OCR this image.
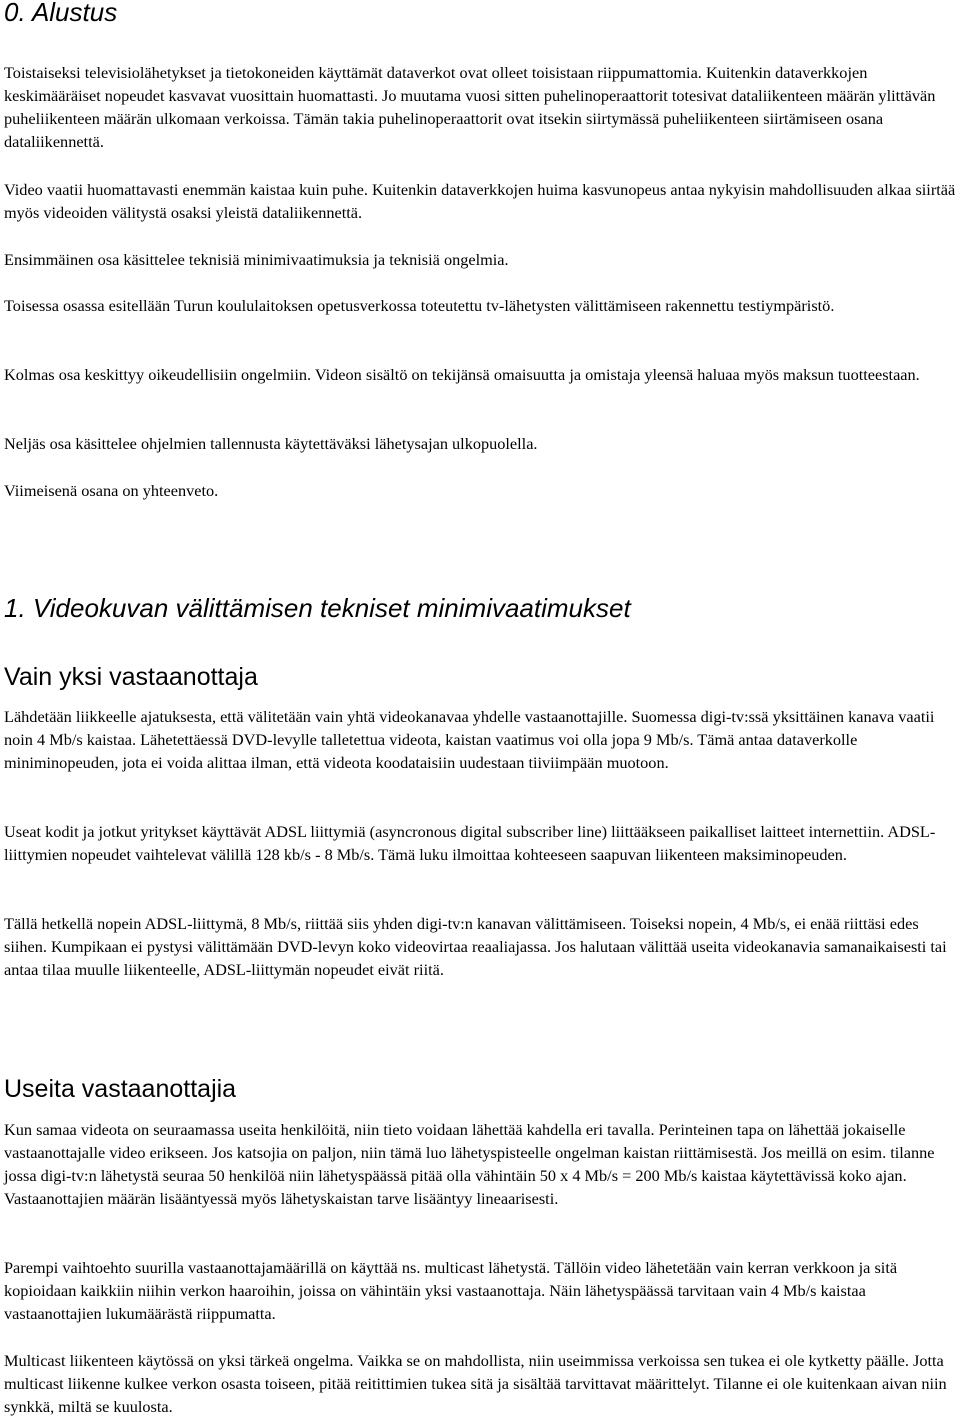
0. Alustus

Toistaiseksi televisiolähetykset ja tietokoneiden käyttämät dataverkot ovat olleet toisistaan riippumattomia. Kuitenkin dataverkkojen keskimääräiset nopeudet kasvavat vuosittain huomattasti. Jo muutama vuosi sitten puhelinoperaattorit totesivat dataliikenteen määrän ylittävän puheliikenteen määrän ulkomaan verkoissa. Tämän takia puhelinoperaattorit ovat itsekin siirtymässä puheliikenteen siirtämiseen osana dataliikennettä.

Video vaatii huomattavasti enemmän kaistaa kuin puhe. Kuitenkin dataverkkojen huima kasvunopeus antaa nykyisin mahdollisuuden alkaa siirtää myös videoiden välitystä osaksi yleistä dataliikennettä.

Ensimmäinen osa käsittelee teknisiä minimivaatimuksia ja teknisiä ongelmia.

Toisessa osassa esitellään Turun koululaitoksen opetusverkossa toteutettu tv-lähetysten välittämiseen rakennettu testiympäristö.

Kolmas osa keskittyy oikeudellisiin ongelmiin. Videon sisältö on tekijänsä omaisuutta ja omistaja yleensä haluaa myös maksun tuotteestaan.

Neljäs osa käsittelee ohjelmien tallennusta käytettäväksi lähetysajan ulkopuolella.

Viimeisenä osana on yhteenveto.

1. Videokuvan välittämisen tekniset minimivaatimukset
Vain yksi vastaanottaja

Lähdetään liikkeelle ajatuksesta, että välitetään vain yhtä videokanavaa yhdelle vastaanottajille. Suomessa digi-tv:ssä yksittäinen kanava vaatii noin 4 Mb/s kaistaa. Lähetettäessä DVD-levylle talletettua videota, kaistan vaatimus voi olla jopa 9 Mb/s. Tämä antaa dataverkolle miniminopeuden, jota ei voida alittaa ilman, että videota koodataisiin uudestaan tiiviimpään muotoon.

Useat kodit ja jotkut yritykset käyttävät ADSL liittymiä (asyncronous digital subscriber line) liittääkseen paikalliset laitteet internettiin. ADSL-liittymien nopeudet vaihtelevat välillä 128 kb/s - 8 Mb/s. Tämä luku ilmoittaa kohteeseen saapuvan liikenteen maksiminopeuden.

Tällä hetkellä nopein ADSL-liittymä, 8 Mb/s, riittää siis yhden digi-tv:n kanavan välittämiseen. Toiseksi nopein, 4 Mb/s, ei enää riittäsi edes siihen. Kumpikaan ei pystysi välittämään DVD-levyn koko videovirtaa reaaliajassa. Jos halutaan välittää useita videokanavia samanaikaisesti tai antaa tilaa muulle liikenteelle, ADSL-liittymän nopeudet eivät riitä.

Useita vastaanottajia

Kun samaa videota on seuraamassa useita henkilöitä, niin tieto voidaan lähettää kahdella eri tavalla. Perinteinen tapa on lähettää jokaiselle vastaanottajalle video erikseen. Jos katsojia on paljon, niin tämä luo lähetyspisteelle ongelman kaistan riittämisestä. Jos meillä on esim. tilanne jossa digi-tv:n lähetystä seuraa 50 henkilöä niin lähetyspäässä pitää olla vähintäin 50 x 4 Mb/s = 200 Mb/s kaistaa käytettävissä koko ajan. Vastaanottajien määrän lisääntyessä myös lähetyskaistan tarve lisääntyy lineaarisesti.

Parempi vaihtoehto suurilla vastaanottajamäärillä on käyttää ns. multicast lähetystä. Tällöin video lähetetään vain kerran verkkoon ja sitä kopioidaan kaikkiin niihin verkon haaroihin, joissa on vähintäin yksi vastaanottaja. Näin lähetyspäässä tarvitaan vain 4 Mb/s kaistaa vastaanottajien lukumäärästä riippumatta.

Multicast liikenteen käytössä on yksi tärkeä ongelma. Vaikka se on mahdollista, niin useimmissa verkoissa sen tukea ei ole kytketty päälle. Jotta multicast liikenne kulkee verkon osasta toiseen, pitää reitittimien tukea sitä ja sisältää tarvittavat määrittelyt. Tilanne ei ole kuitenkaan aivan niin synkkä, miltä se kuulosta.
